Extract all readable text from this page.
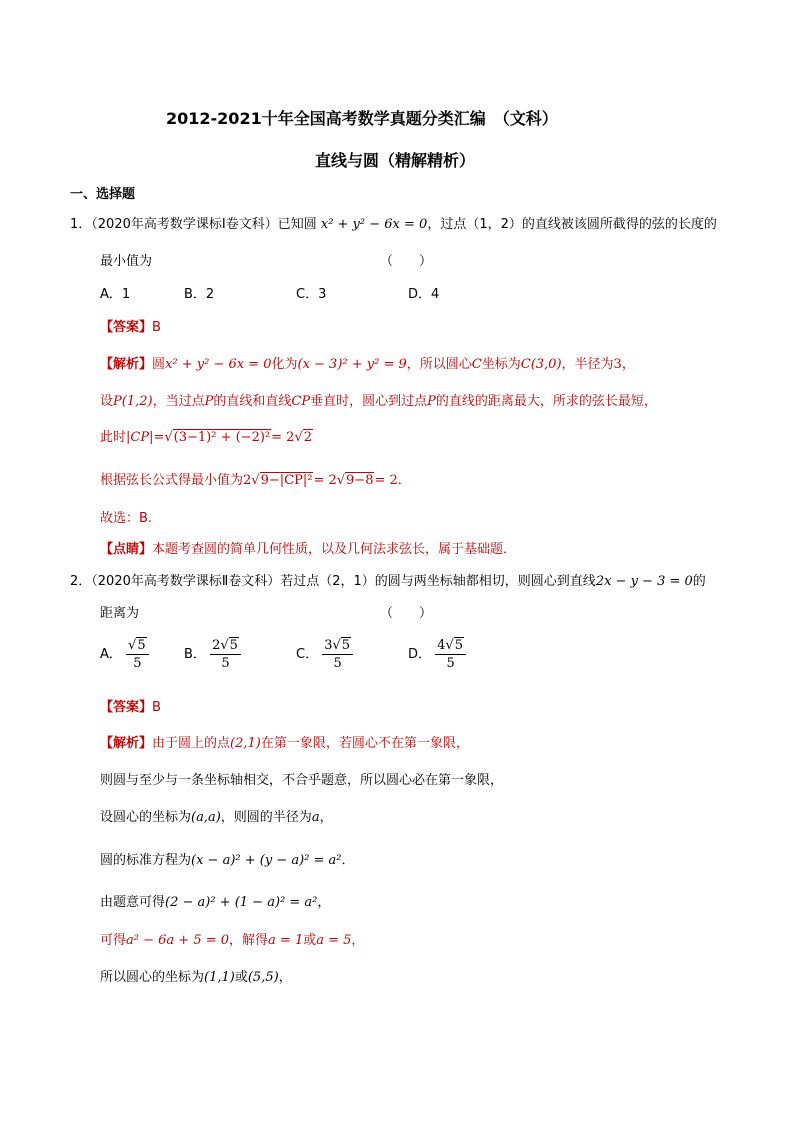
2012-2021十年全国高考数学真题分类汇编　（文科）
直线与圆（精解精析）
一、选择题
1．（2020年高考数学课标Ⅰ卷文科）已知圆 x² + y² − 6x = 0，过点（1，2）的直线被该圆所截得的弦的长度的
最小值为	（　　）
A．1	B．2	C．3	D．4
【答案】B
【解析】圆x² + y² − 6x = 0化为(x − 3)² + y² = 9，所以圆心C坐标为C(3,0)，半径为3，
设P(1,2)，当过点P的直线和直线CP垂直时，圆心到过点P的直线的距离最大，所求的弦长最短，
此时|CP|=√(3−1)² + (−2)²= 2√2
根据弦长公式得最小值为2√9−|CP|²= 2√9−8= 2．
故选：B.
【点睛】本题考查圆的简单几何性质，以及几何法求弦长，属于基础题．
2．（2020年高考数学课标Ⅱ卷文科）若过点（2，1）的圆与两坐标轴都相切，则圆心到直线2x − y − 3 = 0的
距离为	（　　）
A． $\frac{√5}{5}$	B． $\frac{2√5}{5}$	C． $\frac{3√5}{5}$	D． $\frac{4√5}{5}$
【答案】B
【解析】由于圆上的点(2,1)在第一象限，若圆心不在第一象限，
则圆与至少与一条坐标轴相交，不合乎题意，所以圆心必在第一象限，
设圆心的坐标为(a,a)，则圆的半径为a，
圆的标准方程为(x − a)² + (y − a)² = a²．
由题意可得(2 − a)² + (1 − a)² = a²，
可得a² − 6a + 5 = 0，解得a = 1或a = 5，
所以圆心的坐标为(1,1)或(5,5)，
